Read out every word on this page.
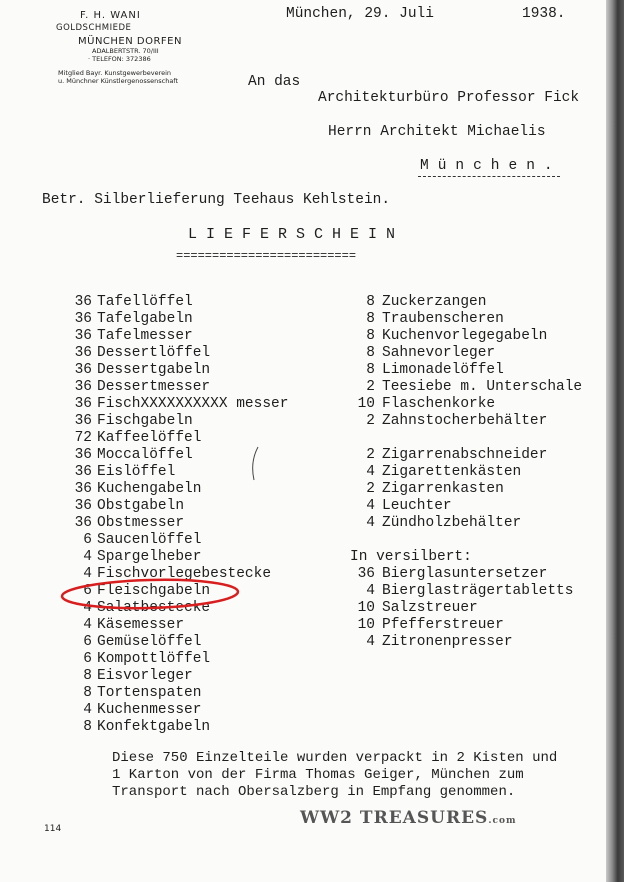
F. H. WANI
GOLDSCHMIEDE
MÜNCHEN DORFEN
ADALBERTSTR. 70/III
· TELEFON: 372386
Mitglied Bayr. Kunstgewerbeverein
u. Münchner Künstlergenossenschaft
München, 29. Juli	1938.
An das
Architekturbüro Professor Fick
Herrn Architekt Michaelis
München.
Betr. Silberlieferung Teehaus Kehlstein.
LIEFERSCHEIN
=========================
36 Tafellöffel
36 Tafelgabeln
36 Tafelmesser
36 Dessertlöffel
36 Dessertgabeln
36 Dessertmesser
36 FischXXXXXXXXXX messer
36 Fischgabeln
72 Kaffeelöffel
36 Moccalöffel
36 Eislöffel
36 Kuchengabeln
36 Obstgabeln
36 Obstmesser
6 Saucenlöffel
4 Spargelheber
4 Fischvorlegebestecke
6 Fleischgabeln
4 Salatbestecke
4 Käsemesser
6 Gemüselöffel
6 Kompottlöffel
8 Eisvorleger
8 Tortenspaten
4 Kuchenmesser
8 Konfektgabeln
8 Zuckerzangen
8 Traubenscheren
8 Kuchenvorlegegabeln
8 Sahnevorleger
8 Limonadelöffel
2 Teesiebe m. Unterschale
10 Flaschenkorke
2 Zahnstocherbehälter
2 Zigarrenabschneider
4 Zigarettenkästen
2 Zigarrenkasten
4 Leuchter
4 Zündholzbehälter
In versilbert:
36 Bierglasuntersetzer
4 Bierglasträgertabletts
10 Salzstreuer
10 Pfefferstreuer
4 Zitronenpresser
Diese 750 Einzelteile wurden verpackt in 2 Kisten und
1 Karton von der Firma Thomas Geiger, München zum
Transport nach Obersalzberg in Empfang genommen.
114
WW2 TREASURES.com
